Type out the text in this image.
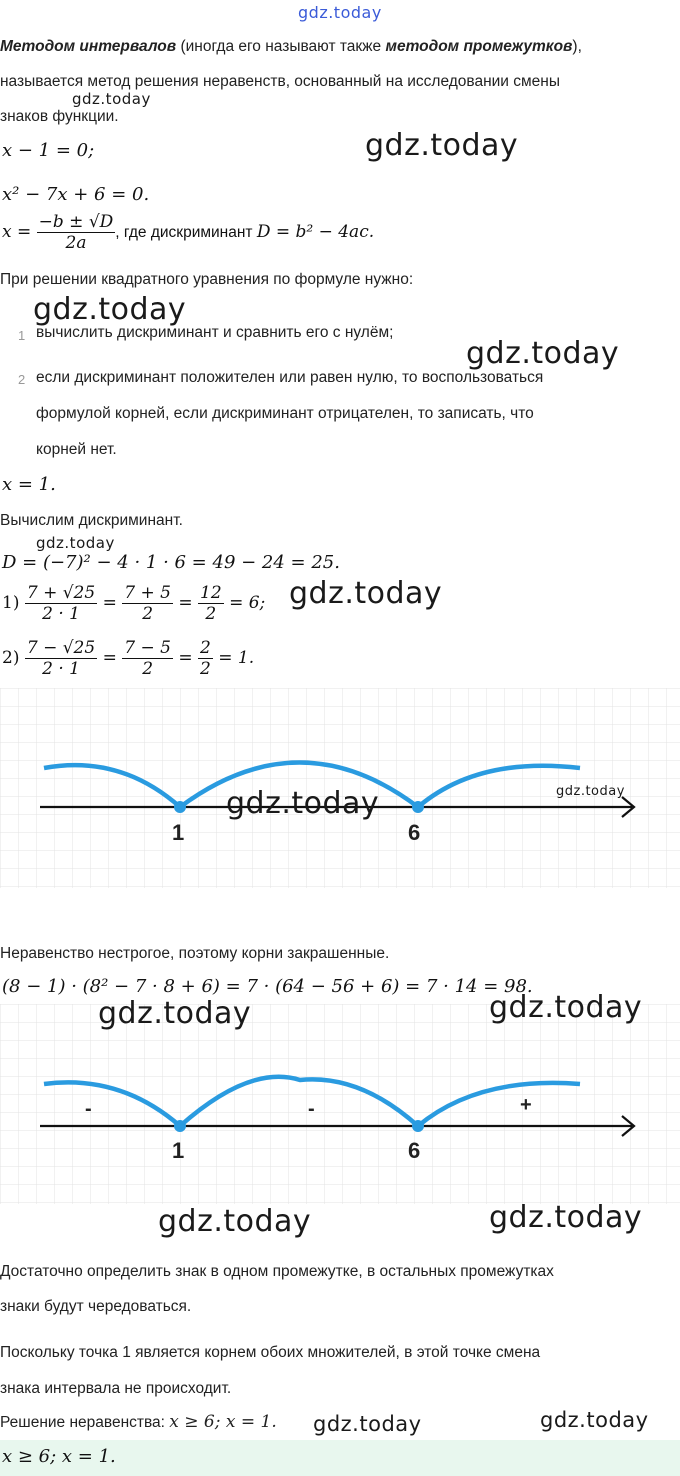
gdz.today
Методом интервалов (иногда его называют также методом промежутков),
называется метод решения неравенств, основанный на исследовании смены
gdz.today
знаков функции.
x − 1 = 0;	gdz.today
x² − 7x + 6 = 0.
$x = \frac{-b \pm √D}{2a}$ , где дискриминант D = b² − 4ac.
При решении квадратного уравнения по формуле нужно:
gdz.today
1 вычислить дискриминант и сравнить его с нулём;
gdz.today
2 если дискриминант положителен или равен нулю, то воспользоваться
формулой корней, если дискриминант отрицателен, то записать, что
корней нет.
x = 1.
Вычислим дискриминант.
gdz.today
D = (−7)² − 4 · 1 · 6 = 49 − 24 = 25.
$1) \frac{7 + √25}{2 \cdot 1} = \frac{7 + 5}{2} = \frac{12}{2} = 6$; gdz.today
$2) \frac{7 - √25}{2 \cdot 1} = \frac{7 - 5}{2} = \frac{2}{2} = 1$.
1	6
gdz.today	gdz.today
Неравенство нестрогое, поэтому корни закрашенные.
(8 − 1) · (8² − 7 · 8 + 6) = 7 · (64 − 56 + 6) = 7 · 14 = 98.
-	-	+
1	6
gdz.today	gdz.today
gdz.today	gdz.today
Достаточно определить знак в одном промежутке, в остальных промежутках
знаки будут чередоваться.
Поскольку точка 1 является корнем обоих множителей, в этой точке смена
знака интервала не происходит.
Решение неравенства: x ≥ 6; x = 1. gdz.today	gdz.today
x ≥ 6; x = 1.
